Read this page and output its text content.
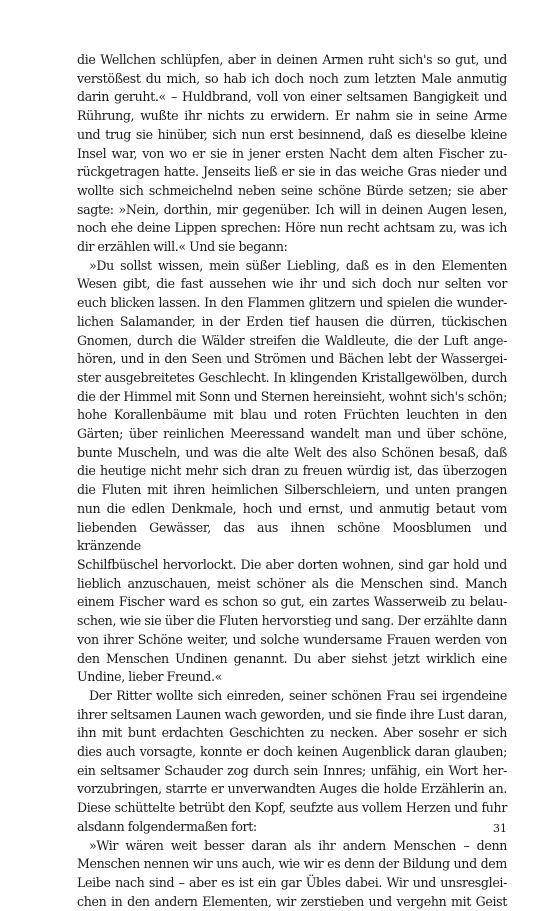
die Wellchen schlüpfen, aber in deinen Armen ruht sich's so gut, und

verstößest du mich, so hab ich doch noch zum letzten Male anmutig

darin geruht.« – Huldbrand, voll von einer seltsamen Bangigkeit und

Rührung, wußte ihr nichts zu erwidern. Er nahm sie in seine Arme

und trug sie hinüber, sich nun erst besinnend, daß es dieselbe kleine

Insel war, von wo er sie in jener ersten Nacht dem alten Fischer zu-

rückgetragen hatte. Jenseits ließ er sie in das weiche Gras nieder und

wollte sich schmeichelnd neben seine schöne Bürde setzen; sie aber

sagte: »Nein, dorthin, mir gegenüber. Ich will in deinen Augen lesen,

noch ehe deine Lippen sprechen: Höre nun recht achtsam zu, was ich

dir erzählen will.« Und sie begann:

»Du sollst wissen, mein süßer Liebling, daß es in den Elementen

Wesen gibt, die fast aussehen wie ihr und sich doch nur selten vor

euch blicken lassen. In den Flammen glitzern und spielen die wunder-

lichen Salamander, in der Erden tief hausen die dürren, tückischen

Gnomen, durch die Wälder streifen die Waldleute, die der Luft ange-

hören, und in den Seen und Strömen und Bächen lebt der Wassergei-

ster ausgebreitetes Geschlecht. In klingenden Kristallgewölben, durch

die der Himmel mit Sonn und Sternen hereinsieht, wohnt sich's schön;

hohe Korallenbäume mit blau und roten Früchten leuchten in den

Gärten; über reinlichen Meeressand wandelt man und über schöne,

bunte Muscheln, und was die alte Welt des also Schönen besaß, daß

die heutige nicht mehr sich dran zu freuen würdig ist, das überzogen

die Fluten mit ihren heimlichen Silberschleiern, und unten prangen

nun die edlen Denkmale, hoch und ernst, und anmutig betaut vom

liebenden Gewässer, das aus ihnen schöne Moosblumen und kränzende

Schilfbüschel hervorlockt. Die aber dorten wohnen, sind gar hold und

lieblich anzuschauen, meist schöner als die Menschen sind. Manch

einem Fischer ward es schon so gut, ein zartes Wasserweib zu belau-

schen, wie sie über die Fluten hervorstieg und sang. Der erzählte dann

von ihrer Schöne weiter, und solche wundersame Frauen werden von

den Menschen Undinen genannt. Du aber siehst jetzt wirklich eine

Undine, lieber Freund.«

Der Ritter wollte sich einreden, seiner schönen Frau sei irgendeine

ihrer seltsamen Launen wach geworden, und sie finde ihre Lust daran,

ihn mit bunt erdachten Geschichten zu necken. Aber sosehr er sich

dies auch vorsagte, konnte er doch keinen Augenblick daran glauben;

ein seltsamer Schauder zog durch sein Innres; unfähig, ein Wort her-

vorzubringen, starrte er unverwandten Auges die holde Erzählerin an.

Diese schüttelte betrübt den Kopf, seufzte aus vollem Herzen und fuhr

alsdann folgendermaßen fort:

»Wir wären weit besser daran als ihr andern Menschen – denn

Menschen nennen wir uns auch, wie wir es denn der Bildung und dem

Leibe nach sind – aber es ist ein gar Übles dabei. Wir und unsresglei-

chen in den andern Elementen, wir zerstieben und vergehn mit Geist

31
